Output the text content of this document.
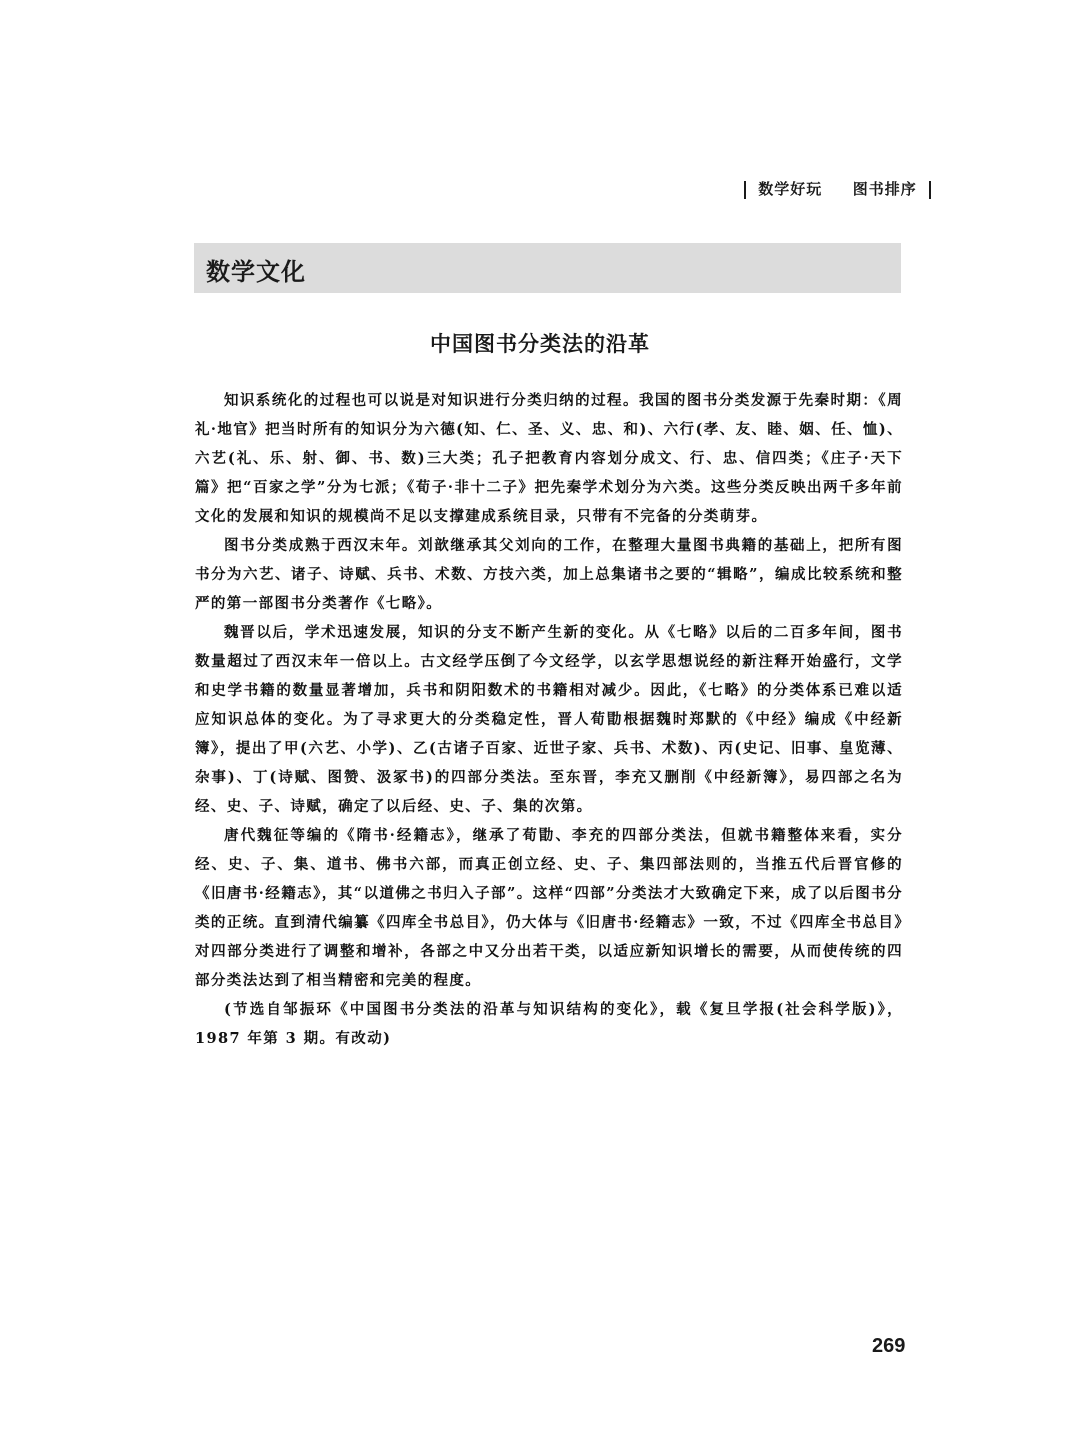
数学好玩 图书排序
数学文化
中国图书分类法的沿革

知识系统化的过程也可以说是对知识进行分类归纳的过程。我国的图书分类发源于先秦时期：《周礼·地官》把当时所有的知识分为六德(知、仁、圣、义、忠、和)、六行(孝、友、睦、姻、任、恤)、六艺(礼、乐、射、御、书、数)三大类；孔子把教育内容划分成文、行、忠、信四类；《庄子·天下篇》把“百家之学”分为七派；《荀子·非十二子》把先秦学术划分为六类。这些分类反映出两千多年前文化的发展和知识的规模尚不足以支撑建成系统目录，只带有不完备的分类萌芽。

图书分类成熟于西汉末年。刘歆继承其父刘向的工作，在整理大量图书典籍的基础上，把所有图书分为六艺、诸子、诗赋、兵书、术数、方技六类，加上总集诸书之要的“辑略”，编成比较系统和整严的第一部图书分类著作《七略》。

魏晋以后，学术迅速发展，知识的分支不断产生新的变化。从《七略》以后的二百多年间，图书数量超过了西汉末年一倍以上。古文经学压倒了今文经学，以玄学思想说经的新注释开始盛行，文学和史学书籍的数量显著增加，兵书和阴阳数术的书籍相对减少。因此，《七略》的分类体系已难以适应知识总体的变化。为了寻求更大的分类稳定性，晋人荀勖根据魏时郑默的《中经》编成《中经新簿》，提出了甲(六艺、小学)、乙(古诸子百家、近世子家、兵书、术数)、丙(史记、旧事、皇览薄、杂事)、丁(诗赋、图赞、汲冢书)的四部分类法。至东晋，李充又删削《中经新簿》，易四部之名为经、史、子、诗赋，确定了以后经、史、子、集的次第。

唐代魏征等编的《隋书·经籍志》，继承了荀勖、李充的四部分类法，但就书籍整体来看，实分经、史、子、集、道书、佛书六部，而真正创立经、史、子、集四部法则的，当推五代后晋官修的《旧唐书·经籍志》，其“以道佛之书归入子部”。这样“四部”分类法才大致确定下来，成了以后图书分类的正统。直到清代编纂《四库全书总目》，仍大体与《旧唐书·经籍志》一致，不过《四库全书总目》对四部分类进行了调整和增补，各部之中又分出若干类，以适应新知识增长的需要，从而使传统的四部分类法达到了相当精密和完美的程度。

(节选自邹振环《中国图书分类法的沿革与知识结构的变化》，载《复旦学报(社会科学版)》，1987 年第 3 期。有改动)

269
